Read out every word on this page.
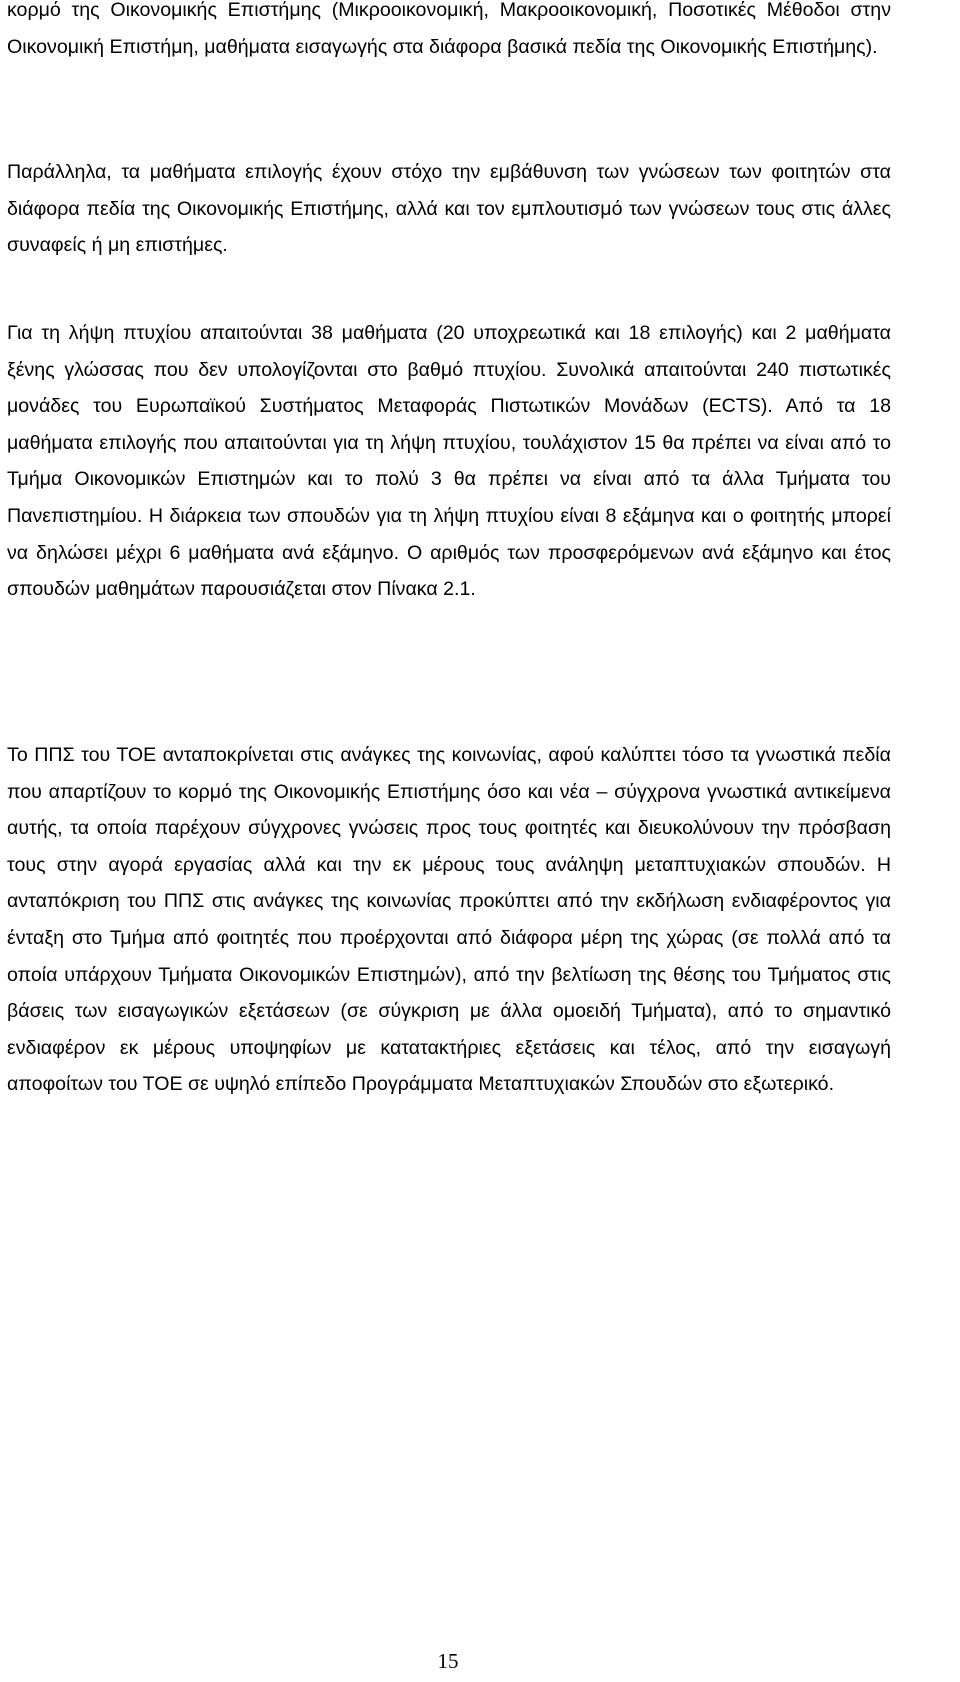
κορμό της Οικονομικής Επιστήμης (Μικροοικονομική, Μακροοικονομική, Ποσοτικές Μέθοδοι στην Οικονομική Επιστήμη, μαθήματα εισαγωγής στα διάφορα βασικά πεδία της Οικονομικής Επιστήμης).

Παράλληλα, τα μαθήματα επιλογής έχουν στόχο την εμβάθυνση των γνώσεων των φοιτητών στα διάφορα πεδία της Οικονομικής Επιστήμης, αλλά και τον εμπλουτισμό των γνώσεων τους στις άλλες συναφείς ή μη επιστήμες.

Για τη λήψη πτυχίου απαιτούνται 38 μαθήματα (20 υποχρεωτικά και 18 επιλογής) και 2 μαθήματα ξένης γλώσσας που δεν υπολογίζονται στο βαθμό πτυχίου. Συνολικά απαιτούνται 240 πιστωτικές μονάδες του Ευρωπαϊκού Συστήματος Μεταφοράς Πιστωτικών Μονάδων (ECTS). Από τα 18 μαθήματα επιλογής που απαιτούνται για τη λήψη πτυχίου, τουλάχιστον 15 θα πρέπει να είναι από το Τμήμα Οικονομικών Επιστημών και το πολύ 3 θα πρέπει να είναι από τα άλλα Τμήματα του Πανεπιστημίου. Η διάρκεια των σπουδών για τη λήψη πτυχίου είναι 8 εξάμηνα και ο φοιτητής μπορεί να δηλώσει μέχρι 6 μαθήματα ανά εξάμηνο. Ο αριθμός των προσφερόμενων ανά εξάμηνο και έτος σπουδών μαθημάτων παρουσιάζεται στον Πίνακα 2.1.

Το ΠΠΣ του ΤΟΕ ανταποκρίνεται στις ανάγκες της κοινωνίας, αφού καλύπτει τόσο τα γνωστικά πεδία που απαρτίζουν το κορμό της Οικονομικής Επιστήμης όσο και νέα – σύγχρονα γνωστικά αντικείμενα αυτής, τα οποία παρέχουν σύγχρονες γνώσεις προς τους φοιτητές και διευκολύνουν την πρόσβαση τους στην αγορά εργασίας αλλά και την εκ μέρους τους ανάληψη μεταπτυχιακών σπουδών. Η ανταπόκριση του ΠΠΣ στις ανάγκες της κοινωνίας προκύπτει από την εκδήλωση ενδιαφέροντος για ένταξη στο Τμήμα από φοιτητές που προέρχονται από διάφορα μέρη της χώρας (σε πολλά από τα οποία υπάρχουν Τμήματα Οικονομικών Επιστημών), από την βελτίωση της θέσης του Τμήματος στις βάσεις των εισαγωγικών εξετάσεων (σε σύγκριση με άλλα ομοειδή Τμήματα), από το σημαντικό ενδιαφέρον εκ μέρους υποψηφίων με κατατακτήριες εξετάσεις και τέλος, από την εισαγωγή αποφοίτων του ΤΟΕ σε υψηλό επίπεδο Προγράμματα Μεταπτυχιακών Σπουδών στο εξωτερικό.

15
